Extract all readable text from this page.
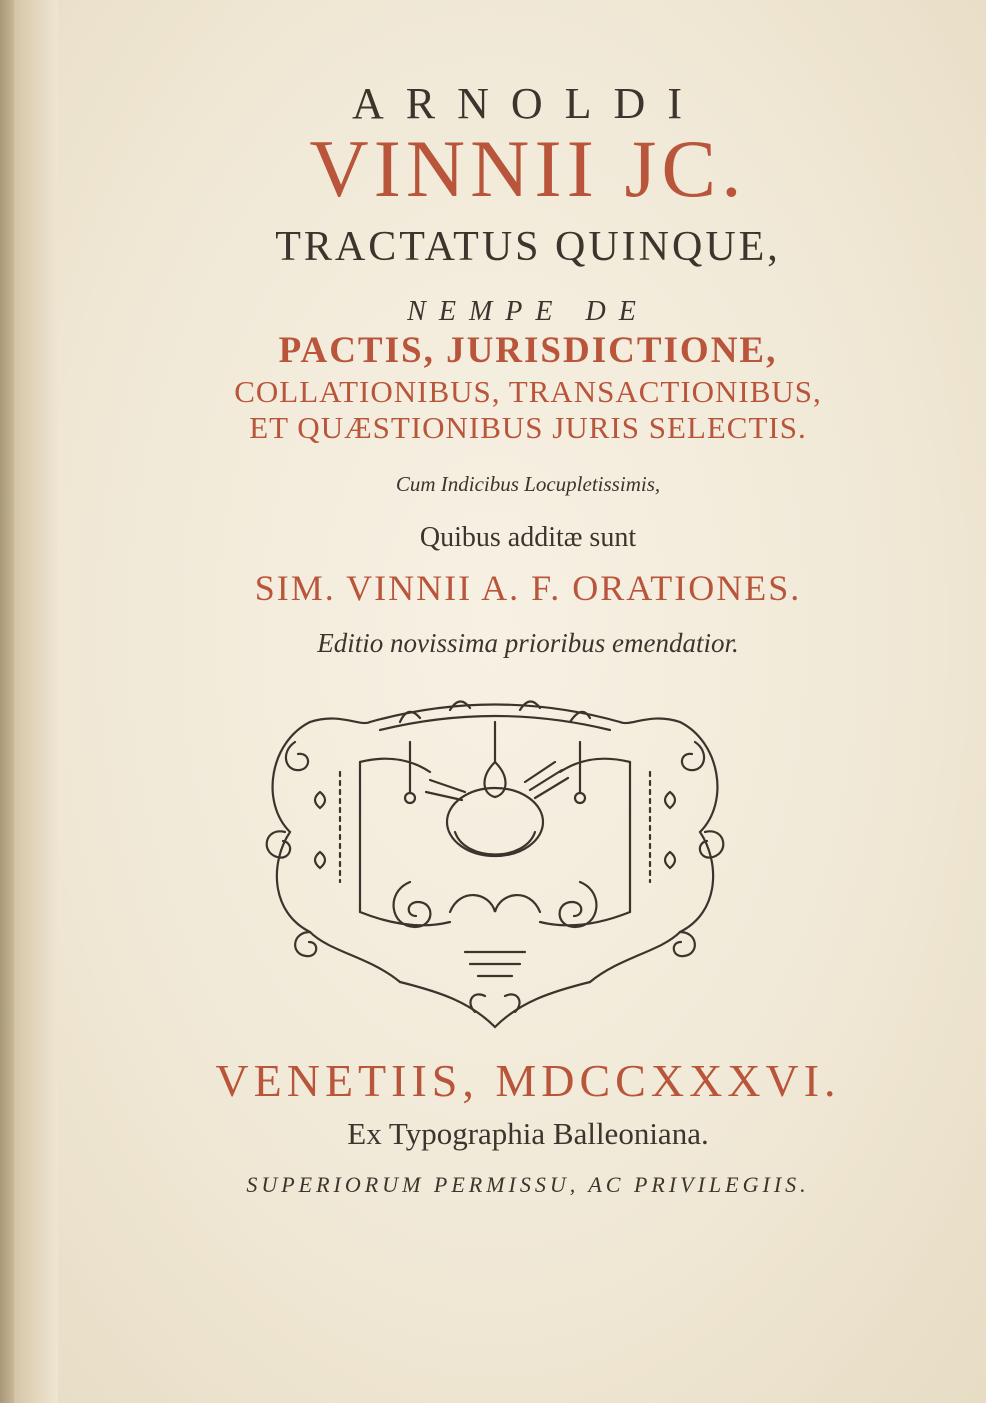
ARNOLDI
VINNII JC.
TRACTATUS QUINQUE,
NEMPE DE
PACTIS, JURISDICTIONE,
COLLATIONIBUS, TRANSACTIONIBUS,
ET QUÆSTIONIBUS JURIS SELECTIS.
Cum Indicibus Locupletissimis,
Quibus additæ sunt
SIM. VINNII A. F. ORATIONES.
Editio novissima prioribus emendatior.
VENETIIS, MDCCXXXVI.
Ex Typographia Balleoniana.
SUPERIORUM PERMISSU, AC PRIVILEGIIS.
